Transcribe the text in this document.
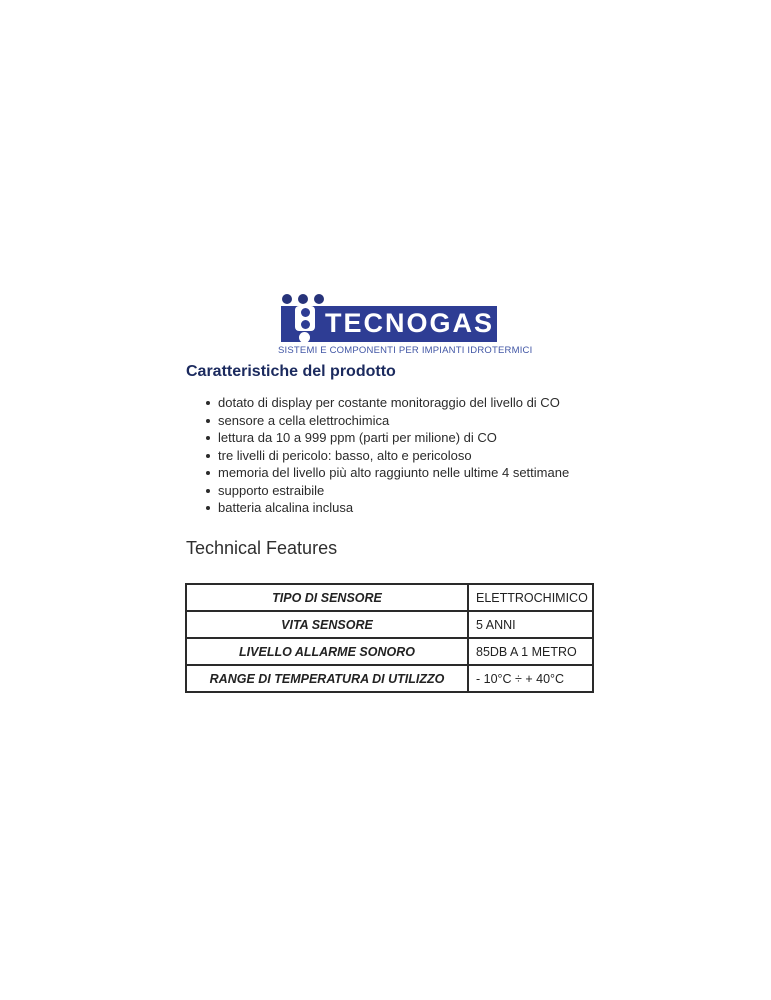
TECNOGAS
SISTEMI E COMPONENTI PER IMPIANTI IDROTERMICI
Caratteristiche del prodotto
dotato di display per costante monitoraggio del livello di CO
sensore a cella elettrochimica
lettura da 10 a 999 ppm (parti per milione) di CO
tre livelli di pericolo: basso, alto e pericoloso
memoria del livello più alto raggiunto nelle ultime 4 settimane
supporto estraibile
batteria alcalina inclusa
Technical Features
TIPO DI SENSORE	ELETTROCHIMICO
VITA SENSORE	5 ANNI
LIVELLO ALLARME SONORO	85DB A 1 METRO
RANGE DI TEMPERATURA DI UTILIZZO	- 10°C ÷ + 40°C
